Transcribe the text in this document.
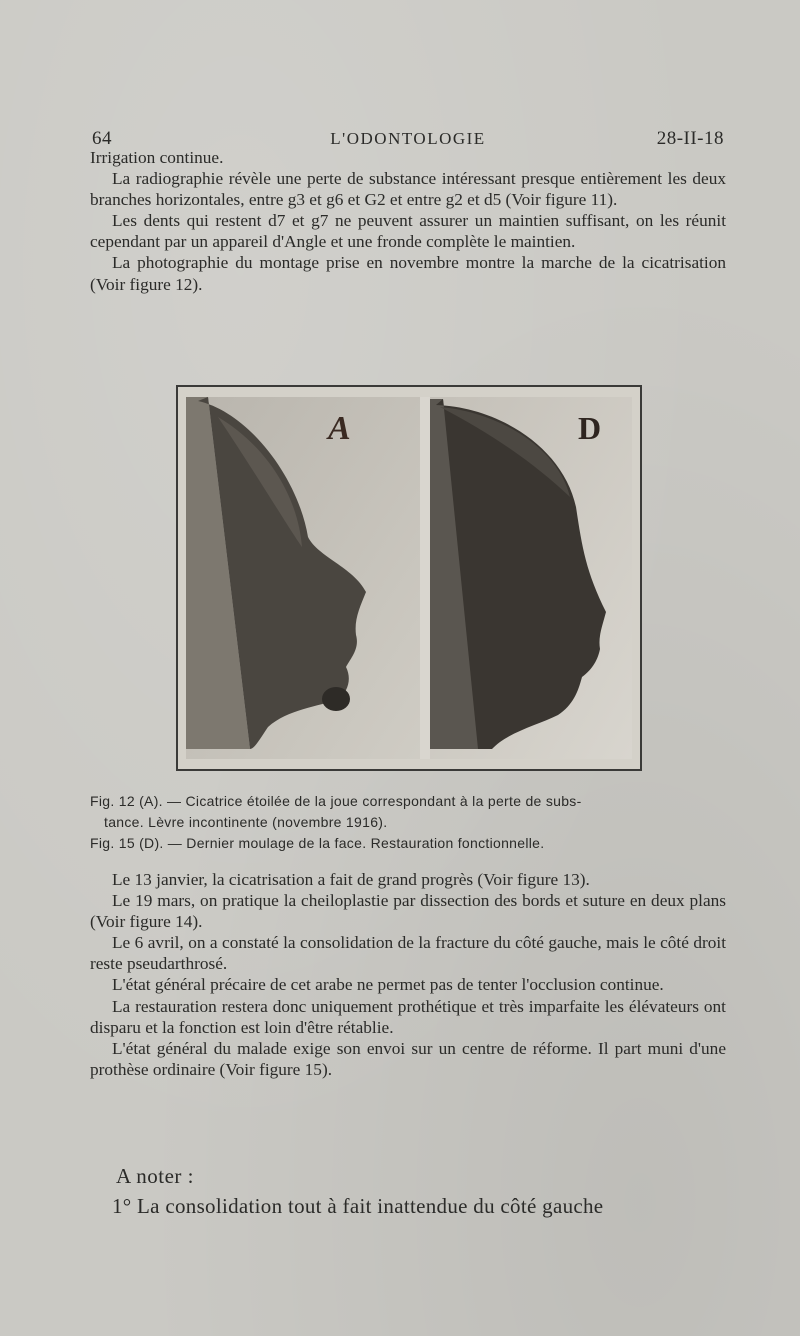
64	L'ODONTOLOGIE	28-II-18

Irrigation continue.

La radiographie révèle une perte de substance intéressant presque entièrement les deux branches horizontales, entre g3 et g6 et G2 et entre g2 et d5 (Voir figure 11).

Les dents qui restent d7 et g7 ne peuvent assurer un maintien suffisant, on les réunit cependant par un appareil d'Angle et une fronde complète le maintien.

La photographie du montage prise en novembre montre la marche de la cicatrisation (Voir figure 12).

A	D

Fig. 12 (A). — Cicatrice étoilée de la joue correspondant à la perte de subs-

tance. Lèvre incontinente (novembre 1916).

Fig. 15 (D). — Dernier moulage de la face. Restauration fonctionnelle.

Le 13 janvier, la cicatrisation a fait de grand progrès (Voir figure 13).

Le 19 mars, on pratique la cheiloplastie par dissection des bords et suture en deux plans (Voir figure 14).

Le 6 avril, on a constaté la consolidation de la fracture du côté gauche, mais le côté droit reste pseudarthrosé.

L'état général précaire de cet arabe ne permet pas de tenter l'occlusion continue.

La restauration restera donc uniquement prothétique et très imparfaite les élévateurs ont disparu et la fonction est loin d'être rétablie.

L'état général du malade exige son envoi sur un centre de réforme. Il part muni d'une prothèse ordinaire (Voir figure 15).

A noter :
1° La consolidation tout à fait inattendue du côté gauche
